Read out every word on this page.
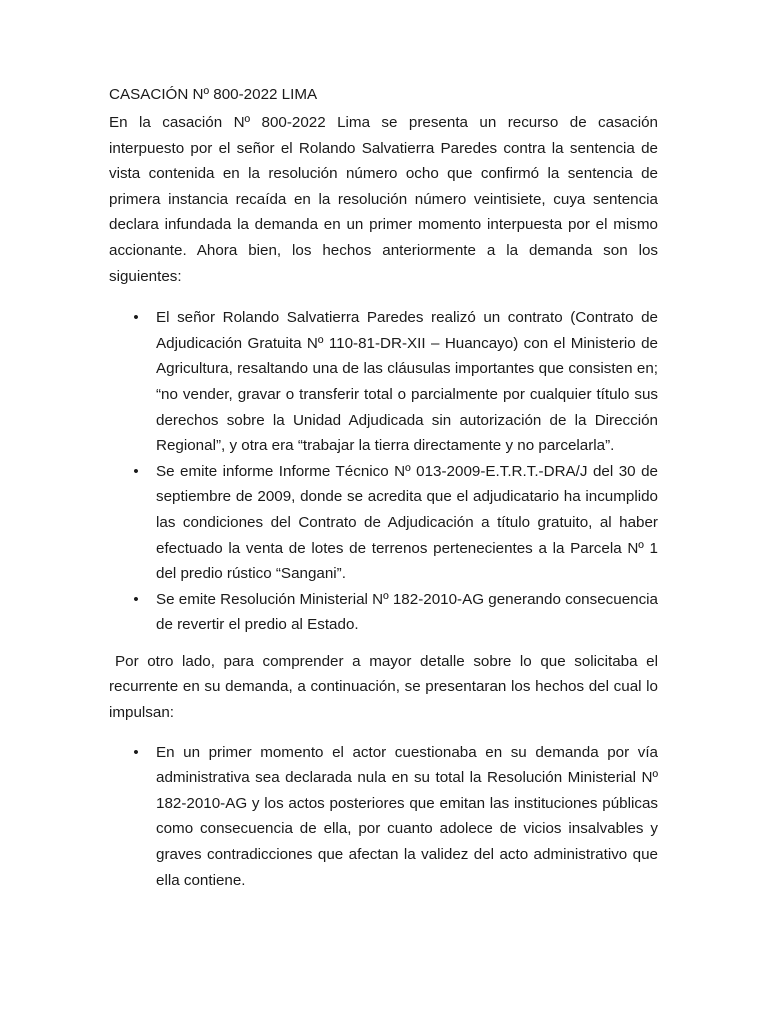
CASACIÓN Nº 800-2022 LIMA

En la casación Nº 800-2022 Lima se presenta un recurso de casación interpuesto por el señor el Rolando Salvatierra Paredes contra la sentencia de vista contenida en la resolución número ocho que confirmó la sentencia de primera instancia recaída en la resolución número veintisiete, cuya sentencia declara infundada la demanda en un primer momento interpuesta por el mismo accionante. Ahora bien, los hechos anteriormente a la demanda son los siguientes:

• El señor Rolando Salvatierra Paredes realizó un contrato (Contrato de Adjudicación Gratuita Nº 110-81-DR-XII – Huancayo) con el Ministerio de Agricultura, resaltando una de las cláusulas importantes que consisten en; “no vender, gravar o transferir total o parcialmente por cualquier título sus derechos sobre la Unidad Adjudicada sin autorización de la Dirección Regional”, y otra era “trabajar la tierra directamente y no parcelarla”.
• Se emite informe Informe Técnico Nº 013-2009-E.T.R.T.-DRA/J del 30 de septiembre de 2009, donde se acredita que el adjudicatario ha incumplido las condiciones del Contrato de Adjudicación a título gratuito, al haber efectuado la venta de lotes de terrenos pertenecientes a la Parcela Nº 1 del predio rústico “Sangani”.
• Se emite Resolución Ministerial Nº 182-2010-AG generando consecuencia de revertir el predio al Estado.

Por otro lado, para comprender a mayor detalle sobre lo que solicitaba el recurrente en su demanda, a continuación, se presentaran los hechos del cual lo impulsan:

• En un primer momento el actor cuestionaba en su demanda por vía administrativa sea declarada nula en su total la Resolución Ministerial Nº 182-2010-AG y los actos posteriores que emitan las instituciones públicas como consecuencia de ella, por cuanto adolece de vicios insalvables y graves contradicciones que afectan la validez del acto administrativo que ella contiene.
